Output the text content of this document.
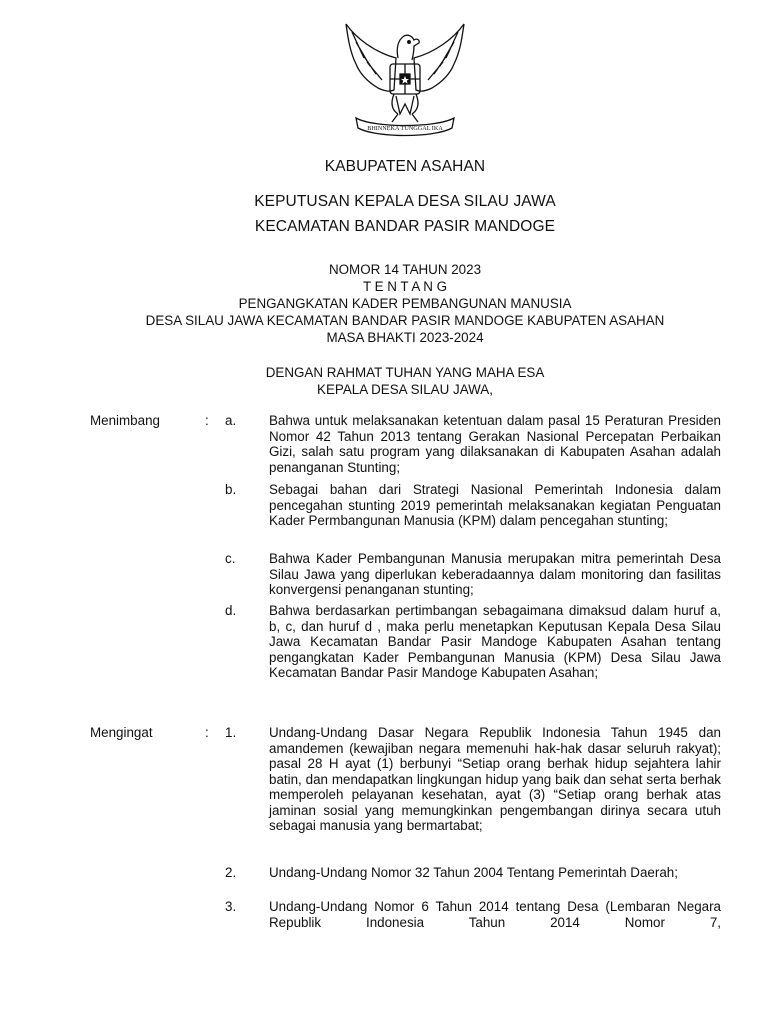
BHINNEKA TUNGGAL IKA
KABUPATEN ASAHAN
KEPUTUSAN KEPALA DESA SILAU JAWA
KECAMATAN BANDAR PASIR MANDOGE
NOMOR 14 TAHUN 2023
T E N T A N G
PENGANGKATAN KADER PEMBANGUNAN MANUSIA
DESA SILAU JAWA KECAMATAN BANDAR PASIR MANDOGE KABUPATEN ASAHAN
MASA BHAKTI 2023-2024
DENGAN RAHMAT TUHAN YANG MAHA ESA
KEPALA DESA SILAU JAWA,
Menimbang	: a. Bahwa untuk melaksanakan ketentuan dalam pasal 15 Peraturan Presiden Nomor 42 Tahun 2013 tentang Gerakan Nasional Percepatan Perbaikan Gizi, salah satu program yang dilaksanakan di Kabupaten Asahan adalah penanganan Stunting;
b. Sebagai bahan dari Strategi Nasional Pemerintah Indonesia dalam pencegahan stunting 2019 pemerintah melaksanakan kegiatan Penguatan Kader Permbangunan Manusia (KPM) dalam pencegahan stunting;
c.	Bahwa Kader Pembangunan Manusia merupakan mitra pemerintah Desa Silau Jawa yang diperlukan keberadaannya dalam monitoring dan fasilitas konvergensi penanganan stunting;
d. Bahwa berdasarkan pertimbangan sebagaimana dimaksud dalam huruf a, b, c, dan huruf d , maka perlu menetapkan Keputusan Kepala Desa Silau Jawa Kecamatan Bandar Pasir Mandoge Kabupaten Asahan tentang pengangkatan Kader Pembangunan Manusia (KPM) Desa Silau Jawa Kecamatan Bandar Pasir Mandoge Kabupaten Asahan;
Mengingat	: 1. Undang-Undang Dasar Negara Republik Indonesia Tahun 1945 dan amandemen (kewajiban negara memenuhi hak-hak dasar seluruh rakyat); pasal 28 H ayat (1) berbunyi “Setiap orang berhak hidup sejahtera lahir batin, dan mendapatkan lingkungan hidup yang baik dan sehat serta berhak memperoleh pelayanan kesehatan, ayat (3) “Setiap orang berhak atas jaminan sosial yang memungkinkan pengembangan dirinya secara utuh sebagai manusia yang bermartabat;
2. Undang-Undang Nomor 32 Tahun 2004 Tentang Pemerintah Daerah;
3. Undang-Undang Nomor 6 Tahun 2014 tentang Desa (Lembaran Negara Republik Indonesia Tahun 2014 Nomor 7,
